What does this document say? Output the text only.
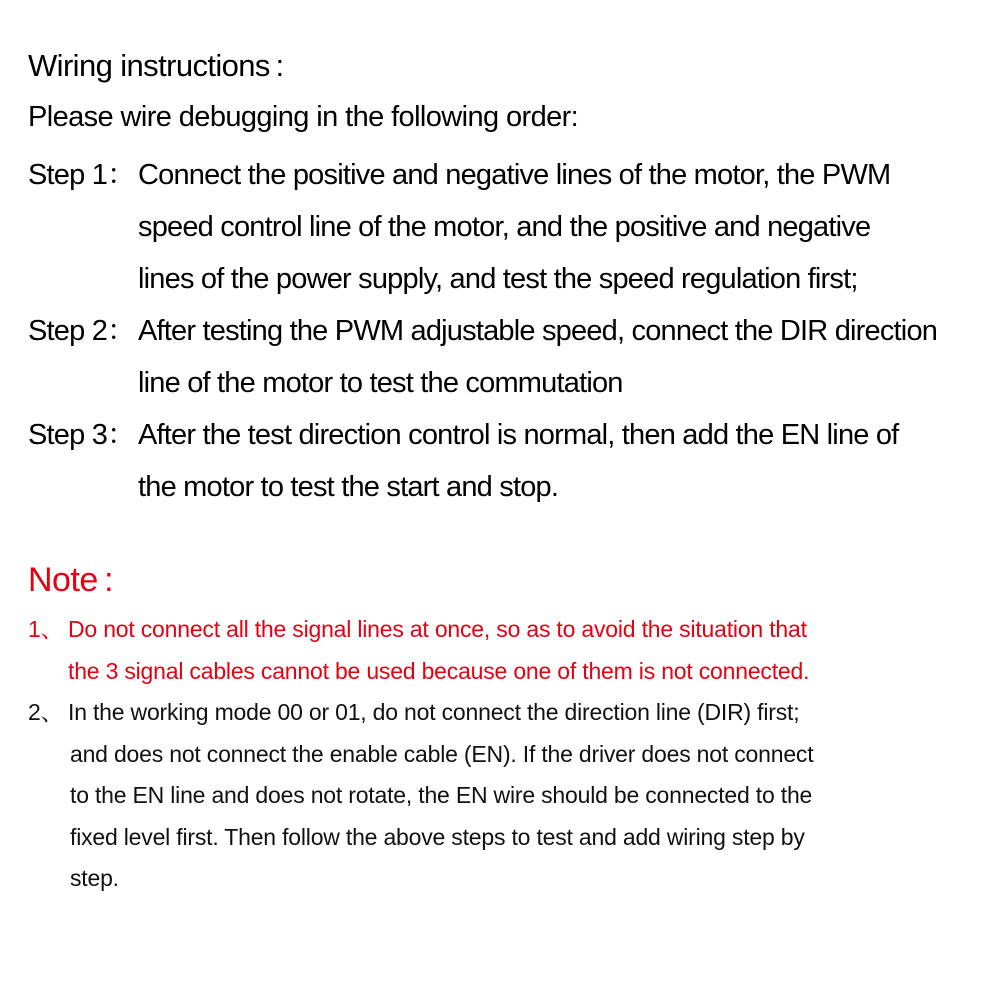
Wiring instructions :
Please wire debugging in the following order:
Step 1： Connect the positive and negative lines of the motor, the PWM
speed control line of the motor, and the positive and negative
lines of the power supply, and test the speed regulation first;
Step 2： After testing the PWM adjustable speed, connect the DIR direction
line of the motor to test the commutation
Step 3： After the test direction control is normal, then add the EN line of
the motor to test the start and stop.
Note :
1、 Do not connect all the signal lines at once, so as to avoid the situation that
the 3 signal cables cannot be used because one of them is not connected.
2、 In the working mode 00 or 01, do not connect the direction line (DIR) first;
and does not connect the enable cable (EN). If the driver does not connect
to the EN line and does not rotate, the EN wire should be connected to the
fixed level first. Then follow the above steps to test and add wiring step by
step.
